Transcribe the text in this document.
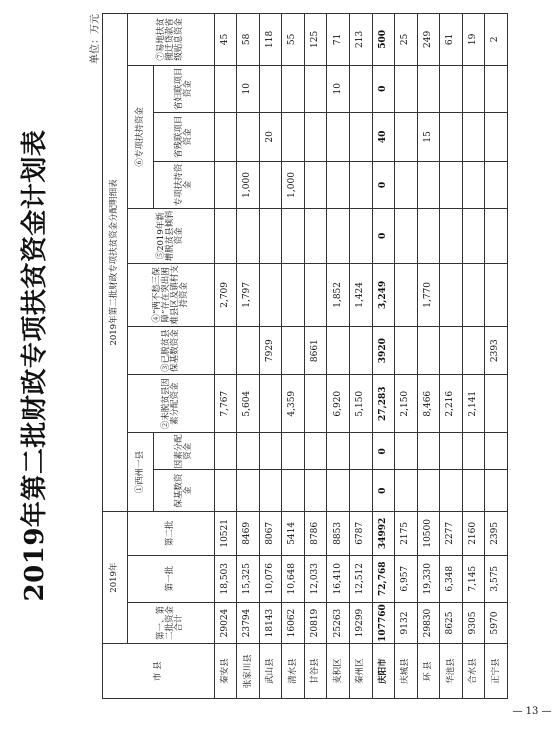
2019年第二批财政专项扶贫资金计划表
单位：万元
市 县	2019年			2019年第二批财政专项扶贫资金分配明细表									
	第一、第二批资金合计	第一批	第二批	①西州一县		②未脱贫县因素分配资金	③已脱贫县保基数资金	④“两不愁三保障”存在突出困难县区及镇村支持资金	⑤2019年新增脱贫县倾斜资金	⑥专项扶持资金			⑦易地扶贫搬迁贷款省级贴息资金
				保基数资金	因素分配资金					专项扶持资金	省残联项目资金	省妇联项目资金	
秦安县	29024	18,503	10521			7,767		2,709					45
张家川县	23794	15,325	8469			5,604		1,797		1,000		10	58
武山县	18143	10,076	8067				7929				20		118
清水县	16062	10,648	5414			4,359				1,000			55
甘谷县	20819	12,033	8786				8661						125
麦积区	25263	16,410	8853			6,920		1,852				10	71
秦州区	19299	12,512	6787			5,150		1,424					213
庆阳市	107760	72,768	34992	0	0	27,283	3920	3,249	0	0	40	0	500
庆城县	9132	6,957	2175			2,150							25
环 县	29830	19,330	10500			8,466		1,770			15		249
华池县	8625	6,348	2277			2,216							61
合水县	9305	7,145	2160			2,141							19
正宁县	5970	3,575	2395				2393						2
— 13 —
